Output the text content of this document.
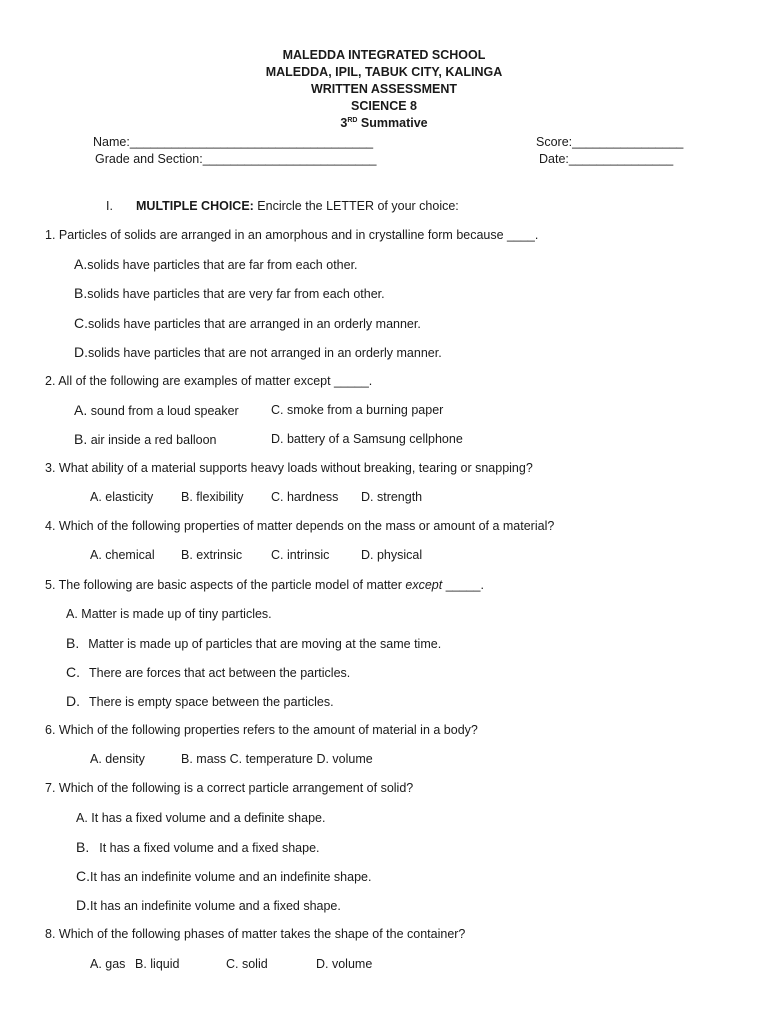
MALEDDA INTEGRATED SCHOOL
MALEDDA, IPIL, TABUK CITY, KALINGA
WRITTEN ASSESSMENT
SCIENCE 8
3RD Summative
Name:___________________________________	Score:________________
Grade and Section:_________________________	Date:_______________
I. MULTIPLE CHOICE: Encircle the LETTER of your choice:
1. Particles of solids are arranged in an amorphous and in crystalline form because ____.
A.solids have particles that are far from each other.
B.solids have particles that are very far from each other.
C.solids have particles that are arranged in an orderly manner.
D.solids have particles that are not arranged in an orderly manner.
2. All of the following are examples of matter except _____.
A. sound from a loud speaker	C. smoke from a burning paper
B. air inside a red balloon	D. battery of a Samsung cellphone
3. What ability of a material supports heavy loads without breaking, tearing or snapping?
A. elasticity B. flexibility C. hardness D. strength
4. Which of the following properties of matter depends on the mass or amount of a material?
A. chemical B. extrinsic C. intrinsic	D. physical
5. The following are basic aspects of the particle model of matter except _____.
A. Matter is made up of tiny particles.
B. Matter is made up of particles that are moving at the same time.
C. There are forces that act between the particles.
D. There is empty space between the particles.
6. Which of the following properties refers to the amount of material in a body?
A. density	B. mass C. temperature D. volume
7. Which of the following is a correct particle arrangement of solid?
A. It has a fixed volume and a definite shape.
B. It has a fixed volume and a fixed shape.
C.It has an indefinite volume and an indefinite shape.
D.It has an indefinite volume and a fixed shape.
8. Which of the following phases of matter takes the shape of the container?
A. gas B. liquid	C. solid	D. volume
